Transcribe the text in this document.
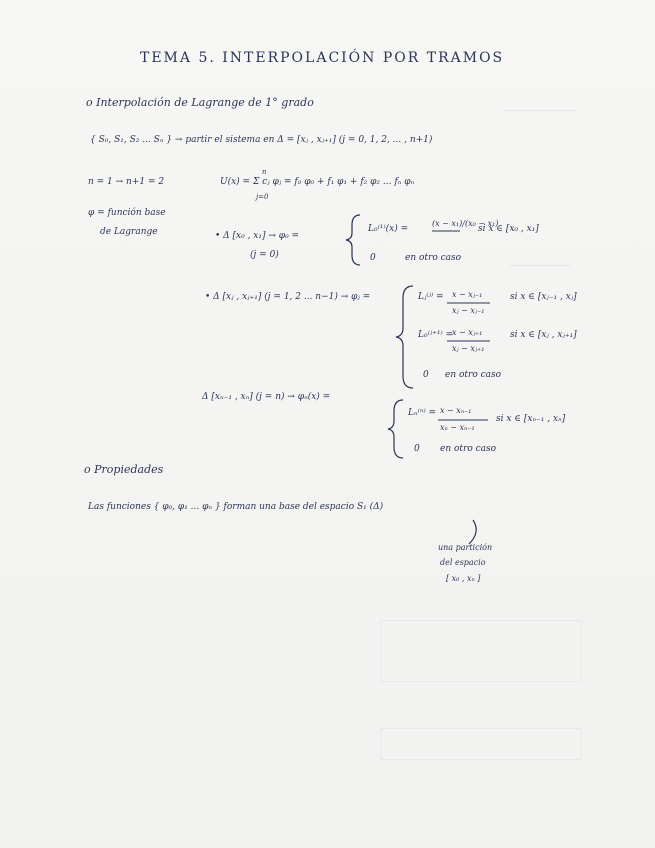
TEMA 5. INTERPOLACIÓN POR TRAMOS
o Interpolación de Lagrange de 1° grado
{ S₀, S₁, S₂ ... Sₙ } → partir el sistema en Δ = [xⱼ , xⱼ₊₁] (j = 0, 1, 2, ... , n+1)
n = 1 → n+1 = 2	U(x) = Σ cⱼ φⱼ = f₀ φ₀ + f₁ φ₁ + f₂ φ₂ ... fₙ φₙ
n
j=0
φ = función base
de Lagrange	• Δ [x₀ , x₁] → φ₀ =
(j = 0)
L₀⁽¹⁾(x) =
(x − x₁)/(x₀ − x₁)
si x ∈ [x₀ , x₁]
0	en otro caso
• Δ [xⱼ , xⱼ₊₁] (j = 1, 2 ... n−1) → φⱼ =	Lⱼ⁽ʲ⁾ = x − xⱼ₋₁
xⱼ − xⱼ₋₁
si x ∈ [xⱼ₋₁ , xⱼ]
L₀⁽ʲ⁺¹⁾ =
x − xⱼ₊₁
xⱼ − xⱼ₊₁
si x ∈ [xⱼ , xⱼ₊₁]
0 en otro caso
Δ [xₙ₋₁ , xₙ] (j = n) → φₙ(x) =
Lₙ⁽ⁿ⁾ = x − xₙ₋₁
xₙ − xₙ₋₁
si x ∈ [xₙ₋₁ , xₙ]
0 en otro caso
o Propiedades
Las funciones { φ₀, φ₁ ... φₙ } forman una base del espacio S₁ (Δ)
una partición
del espacio
[ x₀ , xₙ ]
